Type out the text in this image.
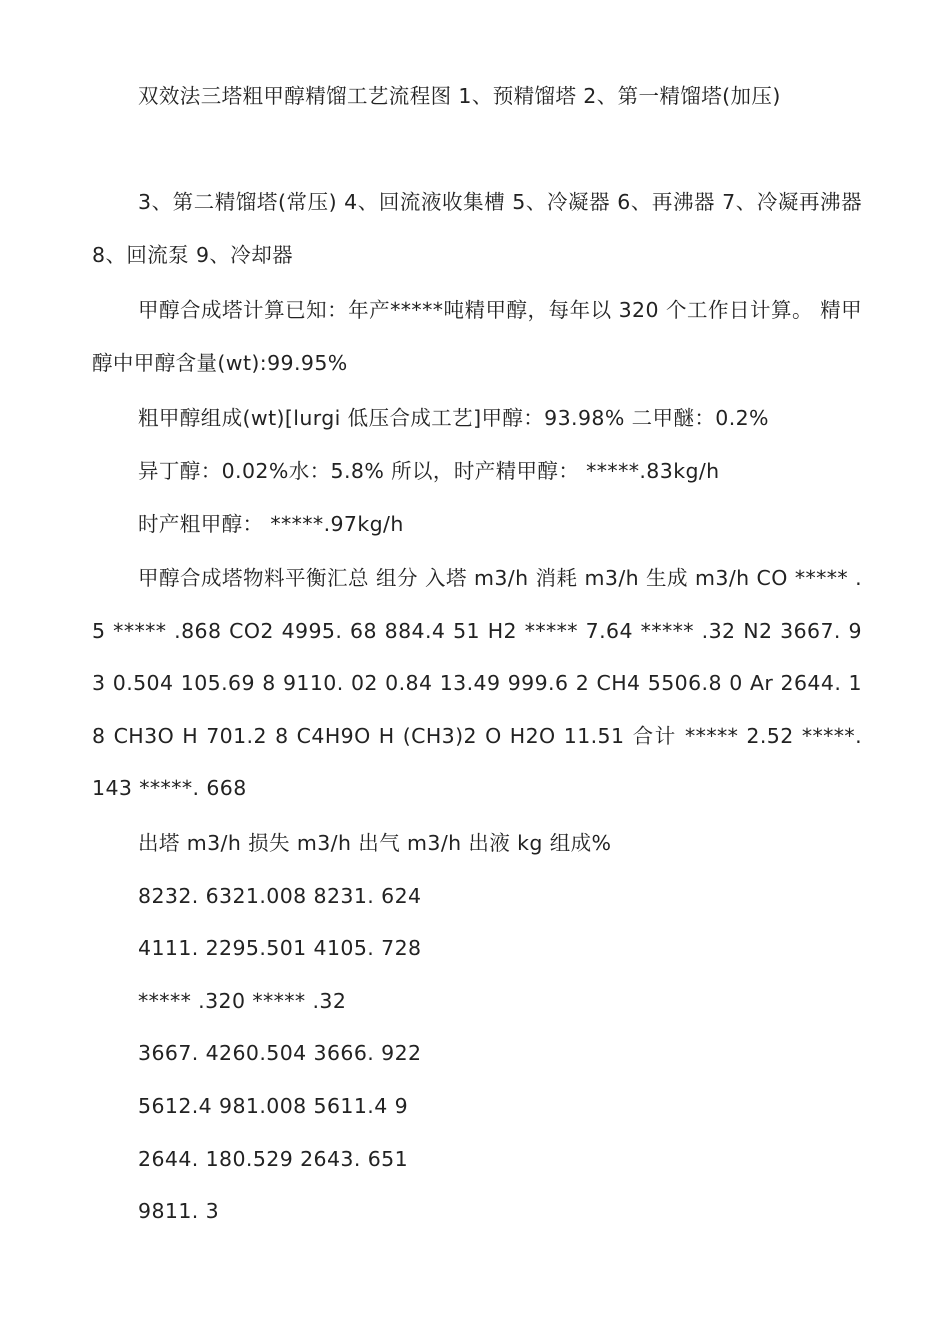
双效法三塔粗甲醇精馏工艺流程图 1、预精馏塔 2、第一精馏塔(加压)

3、第二精馏塔(常压) 4、回流液收集槽 5、冷凝器 6、再沸器 7、冷凝再沸器 8、回流泵 9、冷却器

甲醇合成塔计算已知：年产*****吨精甲醇，每年以 320 个工作日计算。 精甲醇中甲醇含量(wt):99.95%

粗甲醇组成(wt)[lurgi 低压合成工艺]甲醇：93.98% 二甲醚：0.2%

异丁醇：0.02%水：5.8% 所以，时产精甲醇： *****.83kg/h

时产粗甲醇： *****.97kg/h

甲醇合成塔物料平衡汇总 组分 入塔 m3/h 消耗 m3/h 生成 m3/h CO ***** .5 ***** .868 CO2 4995. 68 884.4 51 H2 ***** 7.64 ***** .32 N2 3667. 93 0.504 105.69 8 9110. 02 0.84 13.49 999.6 2 CH4 5506.8 0 Ar 2644. 18 CH3O H 701.2 8 C4H9O H (CH3)2 O H2O 11.51 合计 ***** 2.52 *****. 143 *****. 668

出塔 m3/h 损失 m3/h 出气 m3/h 出液 kg 组成%

8232. 6321.008 8231. 624

4111. 2295.501 4105. 728

***** .320 ***** .32

3667. 4260.504 3666. 922

5612.4 981.008 5611.4 9

2644. 180.529 2643. 651

9811. 3
